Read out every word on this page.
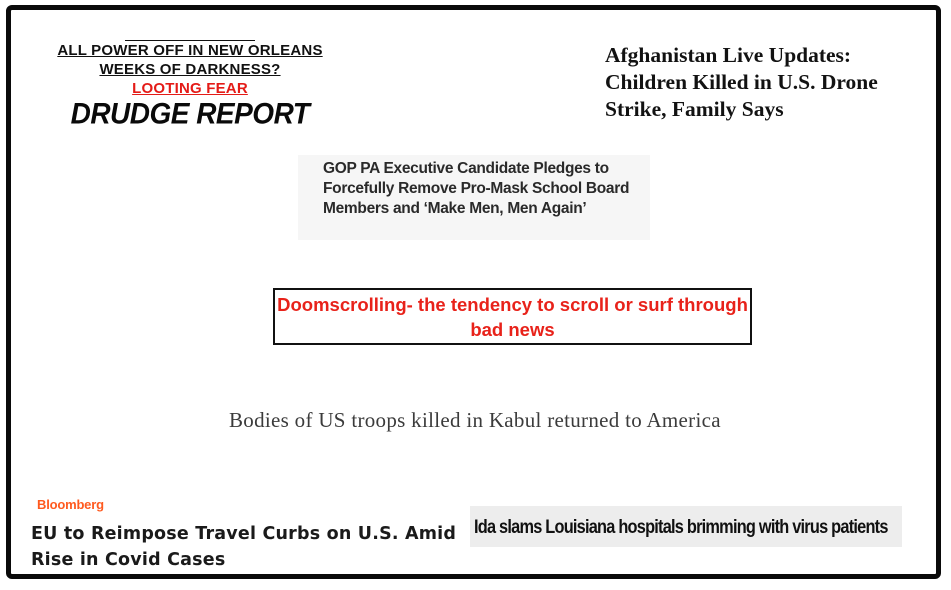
ALL POWER OFF IN NEW ORLEANS
WEEKS OF DARKNESS?
LOOTING FEAR
DRUDGE REPORT
Afghanistan Live Updates: Children Killed in U.S. Drone Strike, Family Says
GOP PA Executive Candidate Pledges to Forcefully Remove Pro-Mask School Board Members and ‘Make Men, Men Again’
Doomscrolling- the tendency to scroll or surf through bad news
Bodies of US troops killed in Kabul returned to America
Bloomberg
EU to Reimpose Travel Curbs on U.S. Amid Rise in Covid Cases
Ida slams Louisiana hospitals brimming with virus patients
